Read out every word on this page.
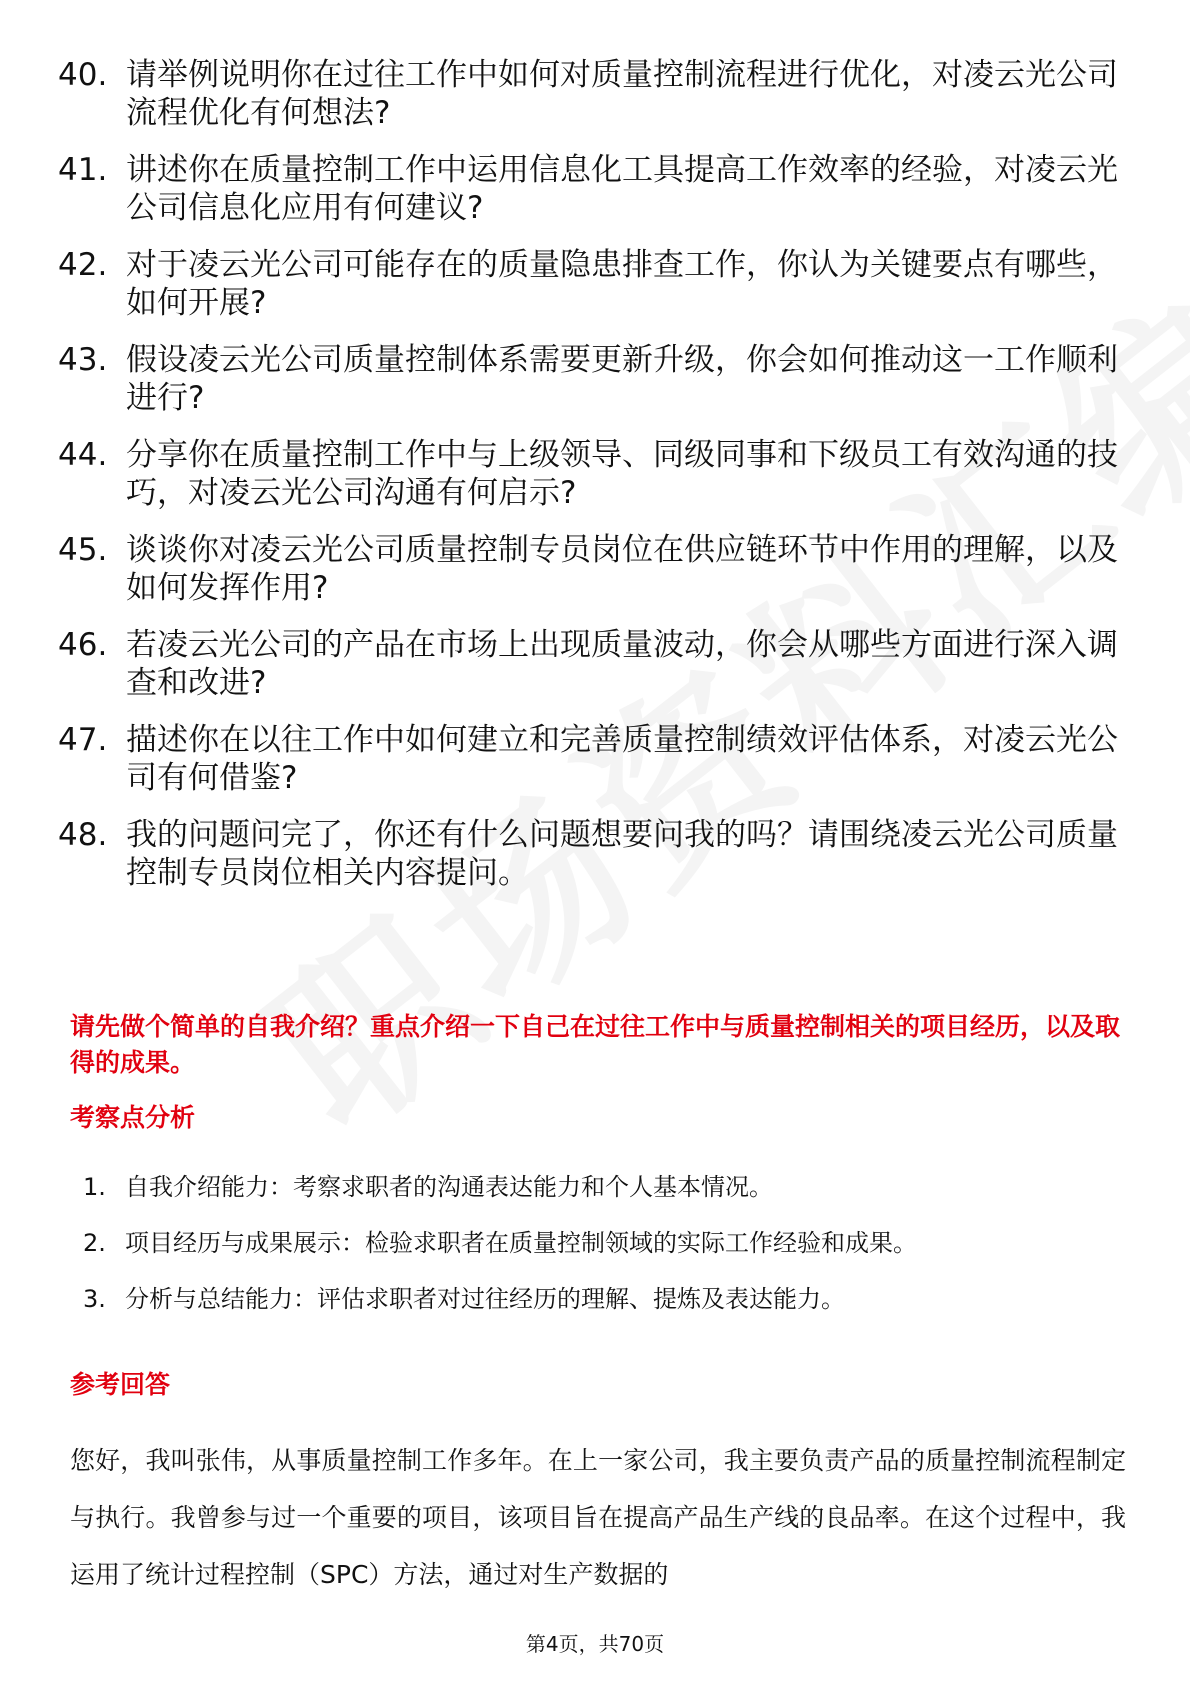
40. 请举例说明你在过往工作中如何对质量控制流程进行优化，对凌云光公司流程优化有何想法?
41. 讲述你在质量控制工作中运用信息化工具提高工作效率的经验，对凌云光公司信息化应用有何建议?
42. 对于凌云光公司可能存在的质量隐患排查工作，你认为关键要点有哪些，如何开展?
43. 假设凌云光公司质量控制体系需要更新升级，你会如何推动这一工作顺利进行?
44. 分享你在质量控制工作中与上级领导、同级同事和下级员工有效沟通的技巧，对凌云光公司沟通有何启示?
45. 谈谈你对凌云光公司质量控制专员岗位在供应链环节中作用的理解，以及如何发挥作用?
46. 若凌云光公司的产品在市场上出现质量波动，你会从哪些方面进行深入调查和改进?
47. 描述你在以往工作中如何建立和完善质量控制绩效评估体系，对凌云光公司有何借鉴?
48. 我的问题问完了，你还有什么问题想要问我的吗？请围绕凌云光公司质量控制专员岗位相关内容提问。
请先做个简单的自我介绍？重点介绍一下自己在过往工作中与质量控制相关的项目经历，以及取得的成果。
考察点分析
1. 自我介绍能力：考察求职者的沟通表达能力和个人基本情况。
2. 项目经历与成果展示：检验求职者在质量控制领域的实际工作经验和成果。
3. 分析与总结能力：评估求职者对过往经历的理解、提炼及表达能力。
参考回答
您好，我叫张伟，从事质量控制工作多年。在上一家公司，我主要负责产品的质量控制流程制定与执行。我曾参与过一个重要的项目，该项目旨在提高产品生产线的良品率。在这个过程中，我运用了统计过程控制（SPC）方法，通过对生产数据的
第4页，共70页
